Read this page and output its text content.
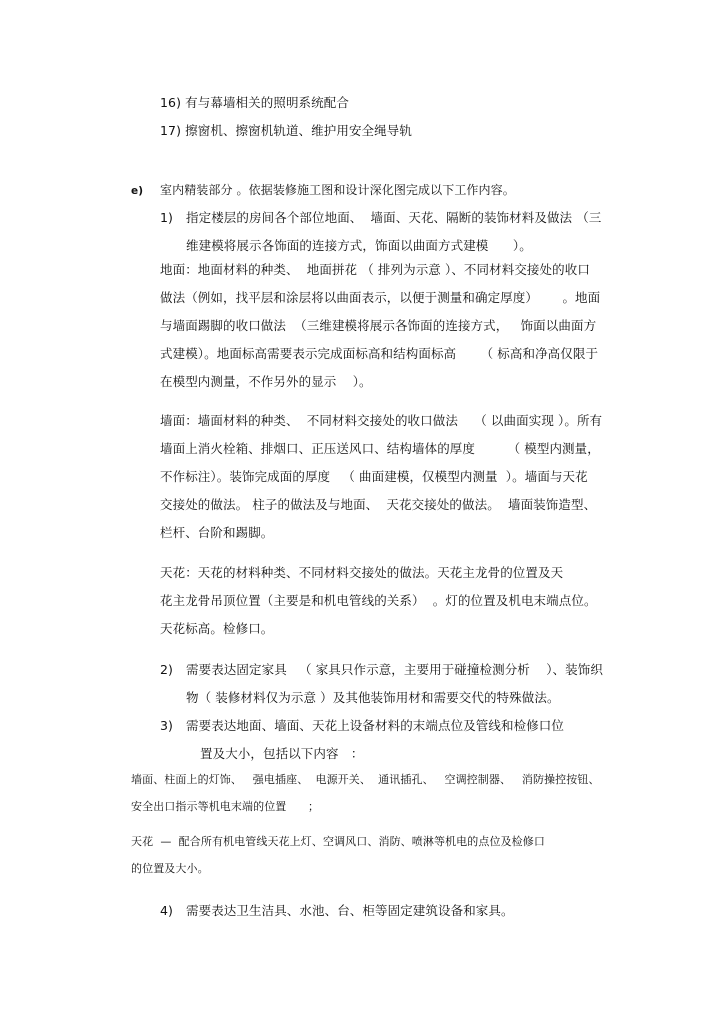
16) 有与幕墙相关的照明系统配合
17) 擦窗机、擦窗机轨道、维护用安全绳导轨
e) 室内精装部分 。依据装修施工图和设计深化图完成以下工作内容。
1) 指定楼层的房间各个部位地面、  墙面、天花、隔断的装饰材料及做法 （三
维建模将展示各饰面的连接方式，饰面以曲面方式建模      ）。
地面：地面材料的种类、  地面拼花 （ 排列为示意 ）、不同材料交接处的收口
做法（例如，找平层和涂层将以曲面表示，以便于测量和确定厚度）      。地面
与墙面踢脚的收口做法  （三维建模将展示各饰面的连接方式，   饰面以曲面方
式建模）。地面标高需要表示完成面标高和结构面标高      （ 标高和净高仅限于
在模型内测量，不作另外的显示    ）。
墙面：墙面材料的种类、  不同材料交接处的收口做法    （ 以曲面实现 ）。所有
墙面上消火栓箱、排烟口、正压送风口、结构墙体的厚度        （ 模型内测量，
不作标注）。装饰完成面的厚度   （ 曲面建模，仅模型内测量  ）。墙面与天花
交接处的做法。 柱子的做法及与地面、  天花交接处的做法。  墙面装饰造型、
栏杆、台阶和踢脚。
天花：天花的材料种类、不同材料交接处的做法。天花主龙骨的位置及天
花主龙骨吊顶位置（主要是和机电管线的关系）  。灯的位置及机电末端点位。
天花标高。检修口。
2) 需要表达固定家具   （ 家具只作示意，主要用于碰撞检测分析    ）、装饰织
物（ 装修材料仅为示意 ）及其他装饰用材和需要交代的特殊做法。
3) 需要表达地面、墙面、天花上设备材料的末端点位及管线和检修口位
置及大小，包括以下内容   ：
墙面、柱面上的灯饰、   强电插座、  电源开关、  通讯插孔、   空调控制器、   消防操控按钮、
安全出口指示等机电末端的位置      ；
天花  —  配合所有机电管线天花上灯、空调风口、消防、喷淋等机电的点位及检修口
的位置及大小。
4) 需要表达卫生洁具、水池、台、柜等固定建筑设备和家具。
